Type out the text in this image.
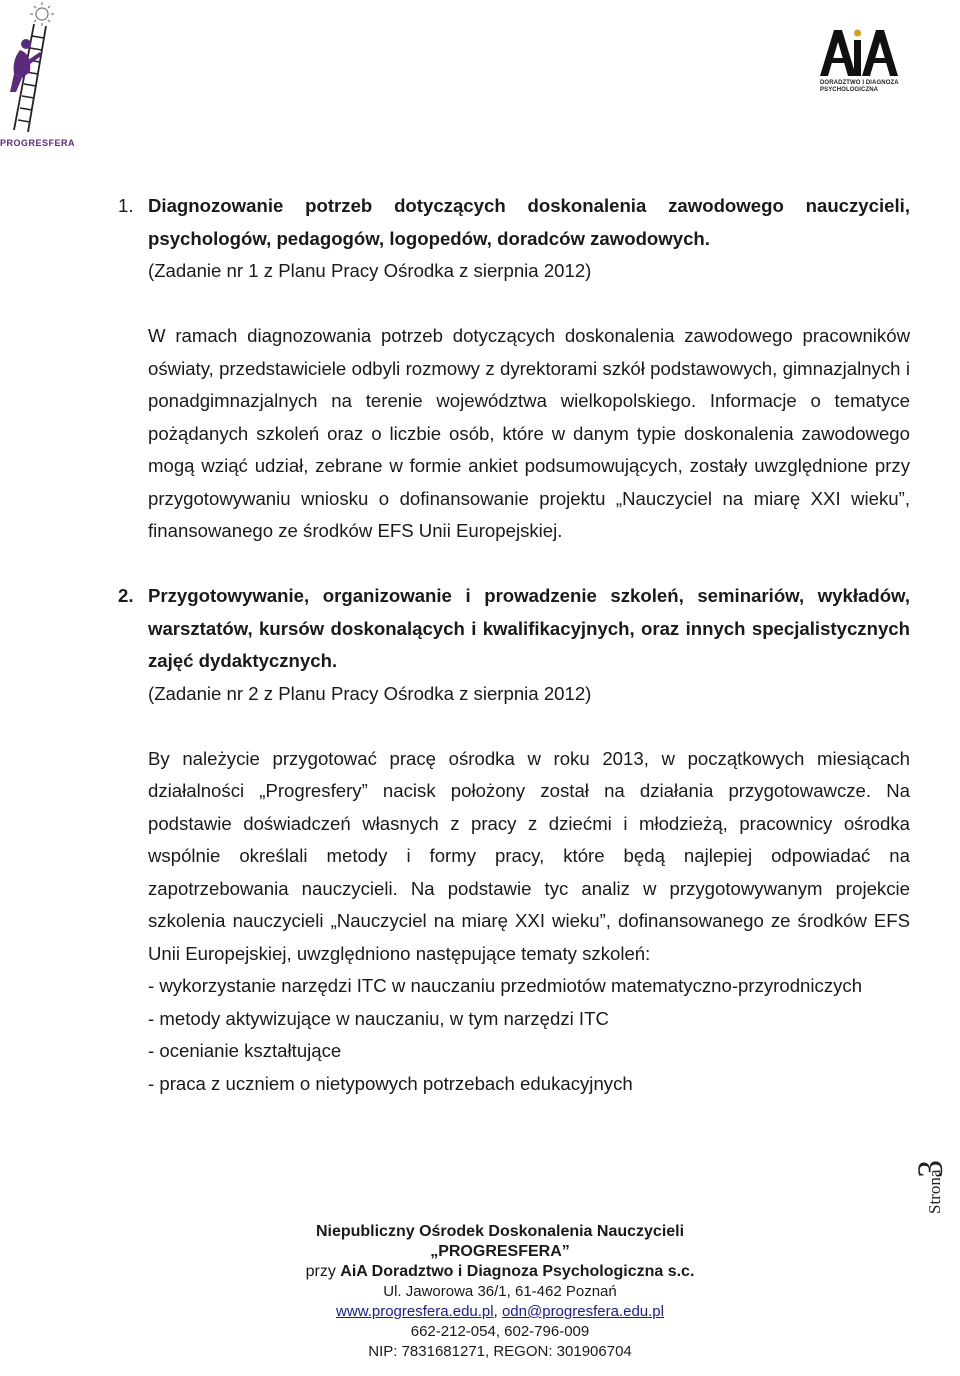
PROGRESFERA
DORADZTWO I DIAGNOZA
PSYCHOLOGICZNA

1. Diagnozowanie potrzeb dotyczących doskonalenia zawodowego nauczycieli, psychologów, pedagogów, logopedów, doradców zawodowych.

(Zadanie nr 1 z Planu Pracy Ośrodka z sierpnia 2012)

W ramach diagnozowania potrzeb dotyczących doskonalenia zawodowego pracowników oświaty, przedstawiciele odbyli rozmowy z dyrektorami szkół podstawowych, gimnazjalnych i ponadgimnazjalnych na terenie województwa wielkopolskiego. Informacje o tematyce pożądanych szkoleń oraz o liczbie osób, które w danym typie doskonalenia zawodowego mogą wziąć udział, zebrane w formie ankiet podsumowujących, zostały uwzględnione przy przygotowywaniu wniosku o dofinansowanie projektu „Nauczyciel na miarę XXI wieku”, finansowanego ze środków EFS Unii Europejskiej.

2. Przygotowywanie, organizowanie i prowadzenie szkoleń, seminariów, wykładów, warsztatów, kursów doskonalących i kwalifikacyjnych, oraz innych specjalistycznych zajęć dydaktycznych.

(Zadanie nr 2 z Planu Pracy Ośrodka z sierpnia 2012)

By należycie przygotować pracę ośrodka w roku 2013, w początkowych miesiącach działalności „Progresfery” nacisk położony został na działania przygotowawcze. Na podstawie doświadczeń własnych z pracy z dziećmi i młodzieżą, pracownicy ośrodka wspólnie określali metody i formy pracy, które będą najlepiej odpowiadać na zapotrzebowania nauczycieli. Na podstawie tyc analiz w przygotowywanym projekcie szkolenia nauczycieli „Nauczyciel na miarę XXI wieku”, dofinansowanego ze środków EFS Unii Europejskiej, uwzględniono następujące tematy szkoleń:

- wykorzystanie narzędzi ITC w nauczaniu przedmiotów matematyczno-przyrodniczych
- metody aktywizujące w nauczaniu, w tym narzędzi ITC
- ocenianie kształtujące
- praca z uczniem o nietypowych potrzebach edukacyjnych
Strona
3
Niepubliczny Ośrodek Doskonalenia Nauczycieli
„PROGRESFERA”
przy AiA Doradztwo i Diagnoza Psychologiczna s.c.
Ul. Jaworowa 36/1, 61-462 Poznań
www.progresfera.edu.pl, odn@progresfera.edu.pl
662-212-054, 602-796-009
NIP: 7831681271, REGON: 301906704
